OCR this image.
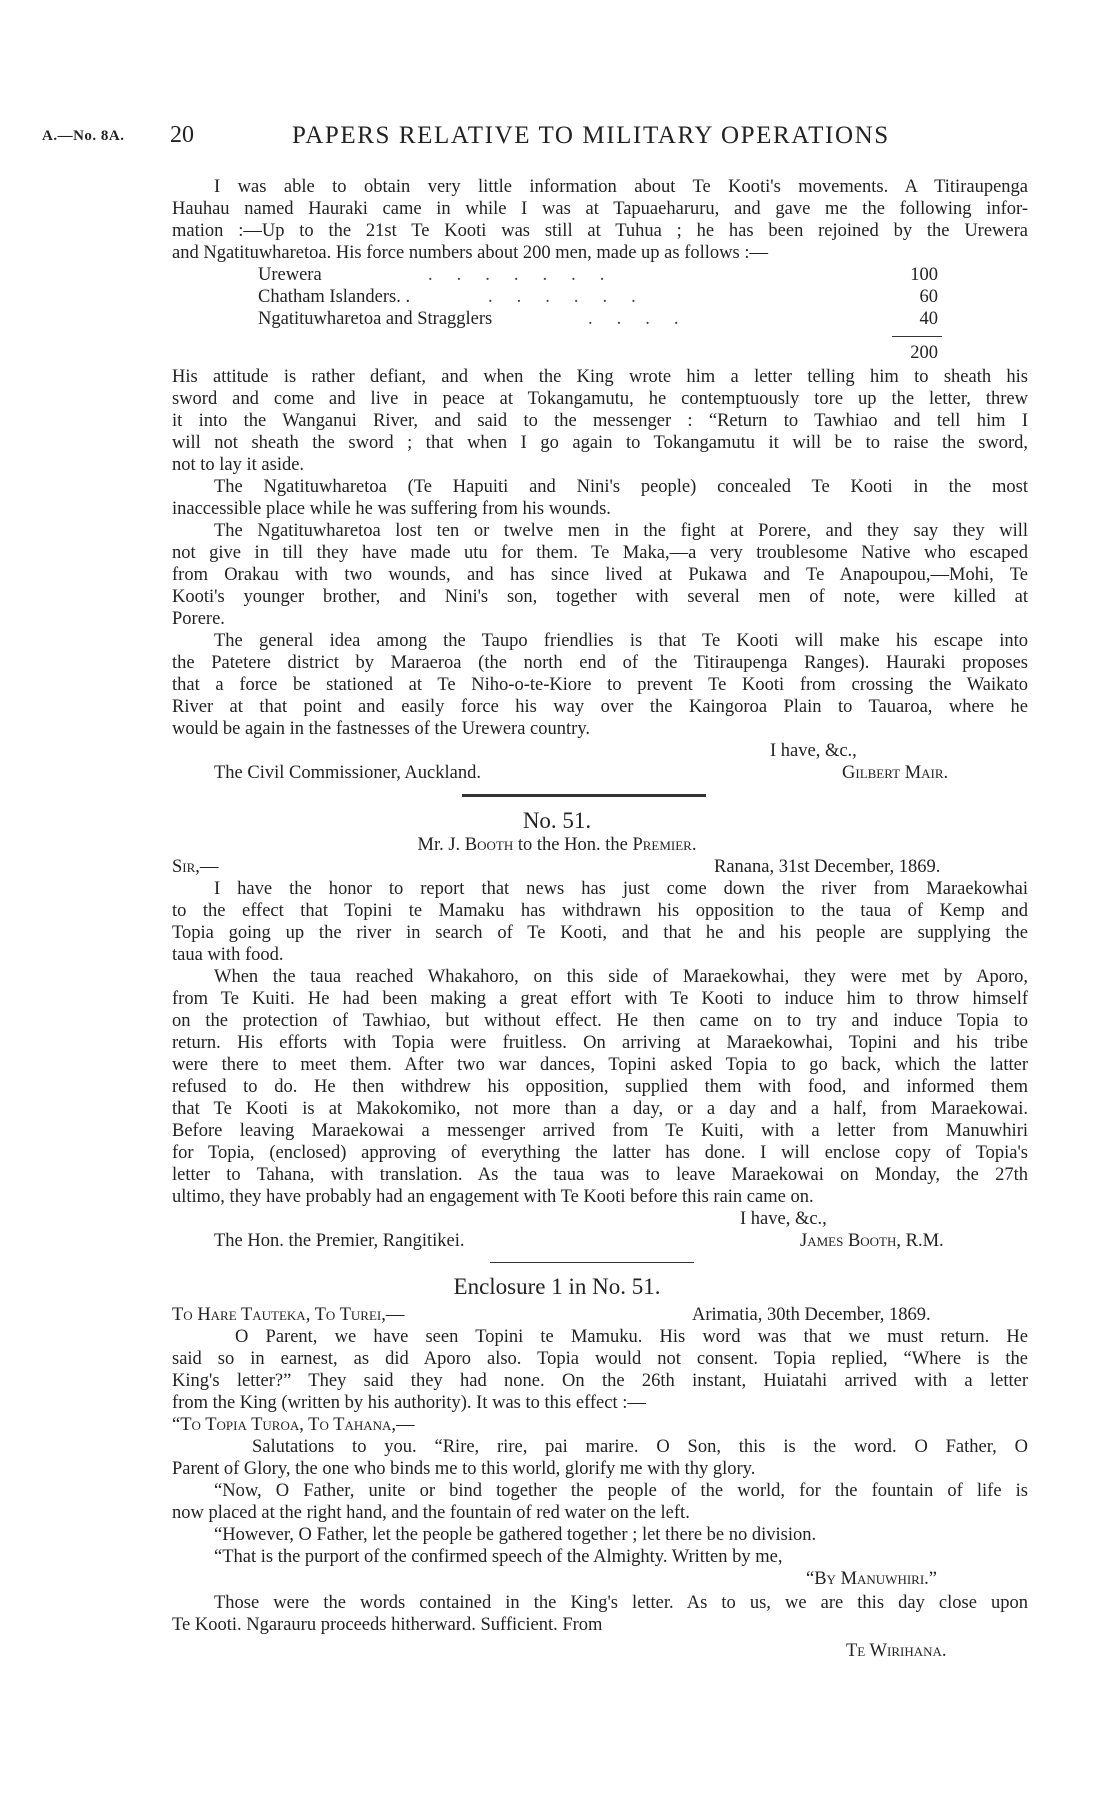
A.—No. 8A. 20	PAPERS RELATIVE TO MILITARY OPERATIONS
I was able to obtain very little information about Te Kooti's movements. A Titiraupenga
Hauhau named Hauraki came in while I was at Tapuaeharuru, and gave me the following infor-
mation :—Up to the 21st Te Kooti was still at Tuhua ; he has been rejoined by the Urewera
and Ngatituwharetoa. His force numbers about 200 men, made up as follows :—
Urewera	.......	100
Chatham Islanders. .	......	60
Ngatituwharetoa and Stragglers	....	40
200
His attitude is rather defiant, and when the King wrote him a letter telling him to sheath his
sword and come and live in peace at Tokangamutu, he contemptuously tore up the letter, threw
it into the Wanganui River, and said to the messenger : “Return to Tawhiao and tell him I
will not sheath the sword ; that when I go again to Tokangamutu it will be to raise the sword,
not to lay it aside.
The Ngatituwharetoa (Te Hapuiti and Nini's people) concealed Te Kooti in the most
inaccessible place while he was suffering from his wounds.
The Ngatituwharetoa lost ten or twelve men in the fight at Porere, and they say they will
not give in till they have made utu for them. Te Maka,—a very troublesome Native who escaped
from Orakau with two wounds, and has since lived at Pukawa and Te Anapoupou,—Mohi, Te
Kooti's younger brother, and Nini's son, together with several men of note, were killed at
Porere.
The general idea among the Taupo friendlies is that Te Kooti will make his escape into
the Patetere district by Maraeroa (the north end of the Titiraupenga Ranges). Hauraki proposes
that a force be stationed at Te Niho-o-te-Kiore to prevent Te Kooti from crossing the Waikato
River at that point and easily force his way over the Kaingoroa Plain to Tauaroa, where he
would be again in the fastnesses of the Urewera country.
I have, &c.,
The Civil Commissioner, Auckland.	Gilbert Mair.
No. 51.
Mr. J. Booth to the Hon. the Premier.
Sir,—	Ranana, 31st December, 1869.
I have the honor to report that news has just come down the river from Maraekowhai
to the effect that Topini te Mamaku has withdrawn his opposition to the taua of Kemp and
Topia going up the river in search of Te Kooti, and that he and his people are supplying the
taua with food.
When the taua reached Whakahoro, on this side of Maraekowhai, they were met by Aporo,
from Te Kuiti. He had been making a great effort with Te Kooti to induce him to throw himself
on the protection of Tawhiao, but without effect. He then came on to try and induce Topia to
return. His efforts with Topia were fruitless. On arriving at Maraekowhai, Topini and his tribe
were there to meet them. After two war dances, Topini asked Topia to go back, which the latter
refused to do. He then withdrew his opposition, supplied them with food, and informed them
that Te Kooti is at Makokomiko, not more than a day, or a day and a half, from Maraekowai.
Before leaving Maraekowai a messenger arrived from Te Kuiti, with a letter from Manuwhiri
for Topia, (enclosed) approving of everything the latter has done. I will enclose copy of Topia's
letter to Tahana, with translation. As the taua was to leave Maraekowai on Monday, the 27th
ultimo, they have probably had an engagement with Te Kooti before this rain came on.
I have, &c.,
The Hon. the Premier, Rangitikei.	James Booth, R.M.
Enclosure 1 in No. 51.
To Hare Tauteka, To Turei,—	Arimatia, 30th December, 1869.
O Parent, we have seen Topini te Mamuku. His word was that we must return. He
said so in earnest, as did Aporo also. Topia would not consent. Topia replied, “Where is the
King's letter?” They said they had none. On the 26th instant, Huiatahi arrived with a letter
from the King (written by his authority). It was to this effect :—
“To Topia Turoa, To Tahana,—
Salutations to you. “Rire, rire, pai marire. O Son, this is the word. O Father, O
Parent of Glory, the one who binds me to this world, glorify me with thy glory.
“Now, O Father, unite or bind together the people of the world, for the fountain of life is
now placed at the right hand, and the fountain of red water on the left.
“However, O Father, let the people be gathered together ; let there be no division.
“That is the purport of the confirmed speech of the Almighty. Written by me,
“By Manuwhiri.”
Those were the words contained in the King's letter. As to us, we are this day close upon
Te Kooti. Ngarauru proceeds hitherward. Sufficient. From
Te Wirihana.
